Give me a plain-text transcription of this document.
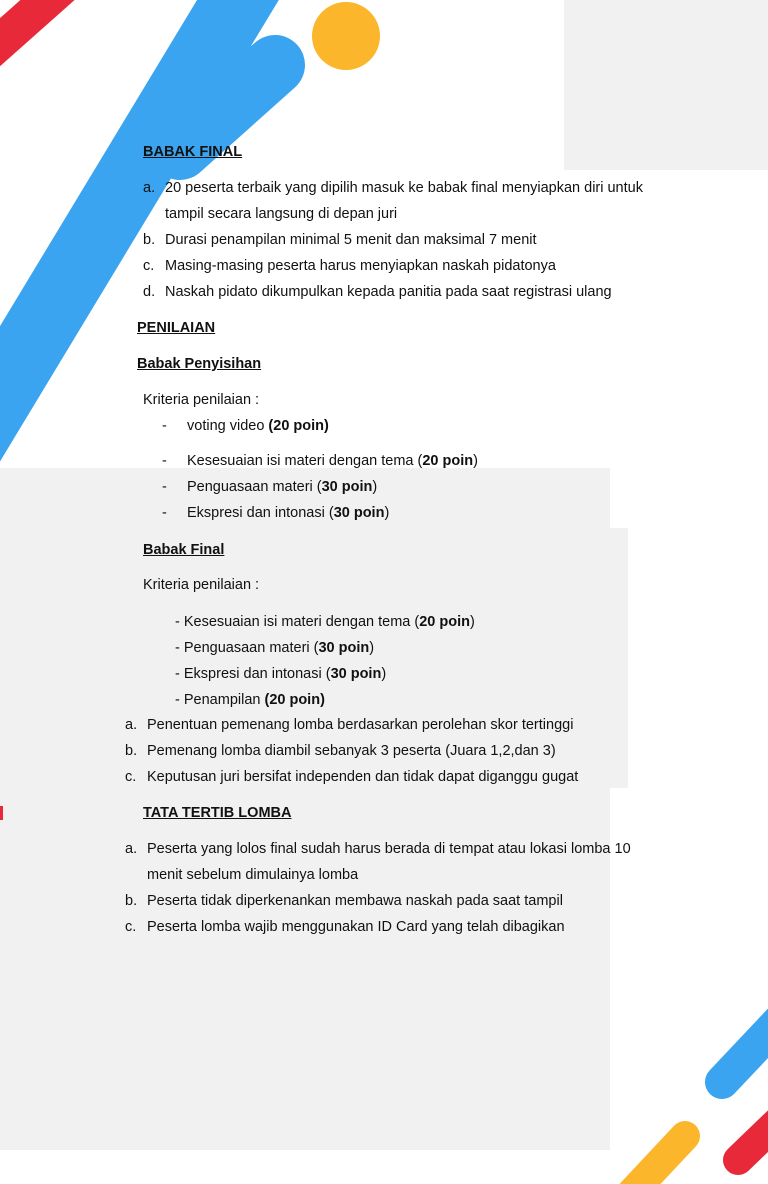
BABAK FINAL
a. 20 peserta terbaik yang dipilih masuk ke babak final menyiapkan diri untuk
tampil secara langsung di depan juri
b. Durasi penampilan minimal 5 menit dan maksimal 7 menit
c. Masing-masing peserta harus menyiapkan naskah pidatonya
d. Naskah pidato dikumpulkan kepada panitia pada saat registrasi ulang
PENILAIAN
Babak Penyisihan
Kriteria penilaian :
- voting video (20 poin)
- Kesesuaian isi materi dengan tema (20 poin)
- Penguasaan materi (30 poin)
- Ekspresi dan intonasi (30 poin)
Babak Final
Kriteria penilaian :
- Kesesuaian isi materi dengan tema (20 poin)
- Penguasaan materi (30 poin)
- Ekspresi dan intonasi (30 poin)
- Penampilan (20 poin)
a. Penentuan pemenang lomba berdasarkan perolehan skor tertinggi
b. Pemenang lomba diambil sebanyak 3 peserta (Juara 1,2,dan 3)
c. Keputusan juri bersifat independen dan tidak dapat diganggu gugat
TATA TERTIB LOMBA
a. Peserta yang lolos final sudah harus berada di tempat atau lokasi lomba 10
menit sebelum dimulainya lomba
b. Peserta tidak diperkenankan membawa naskah pada saat tampil
c. Peserta lomba wajib menggunakan ID Card yang telah dibagikan
